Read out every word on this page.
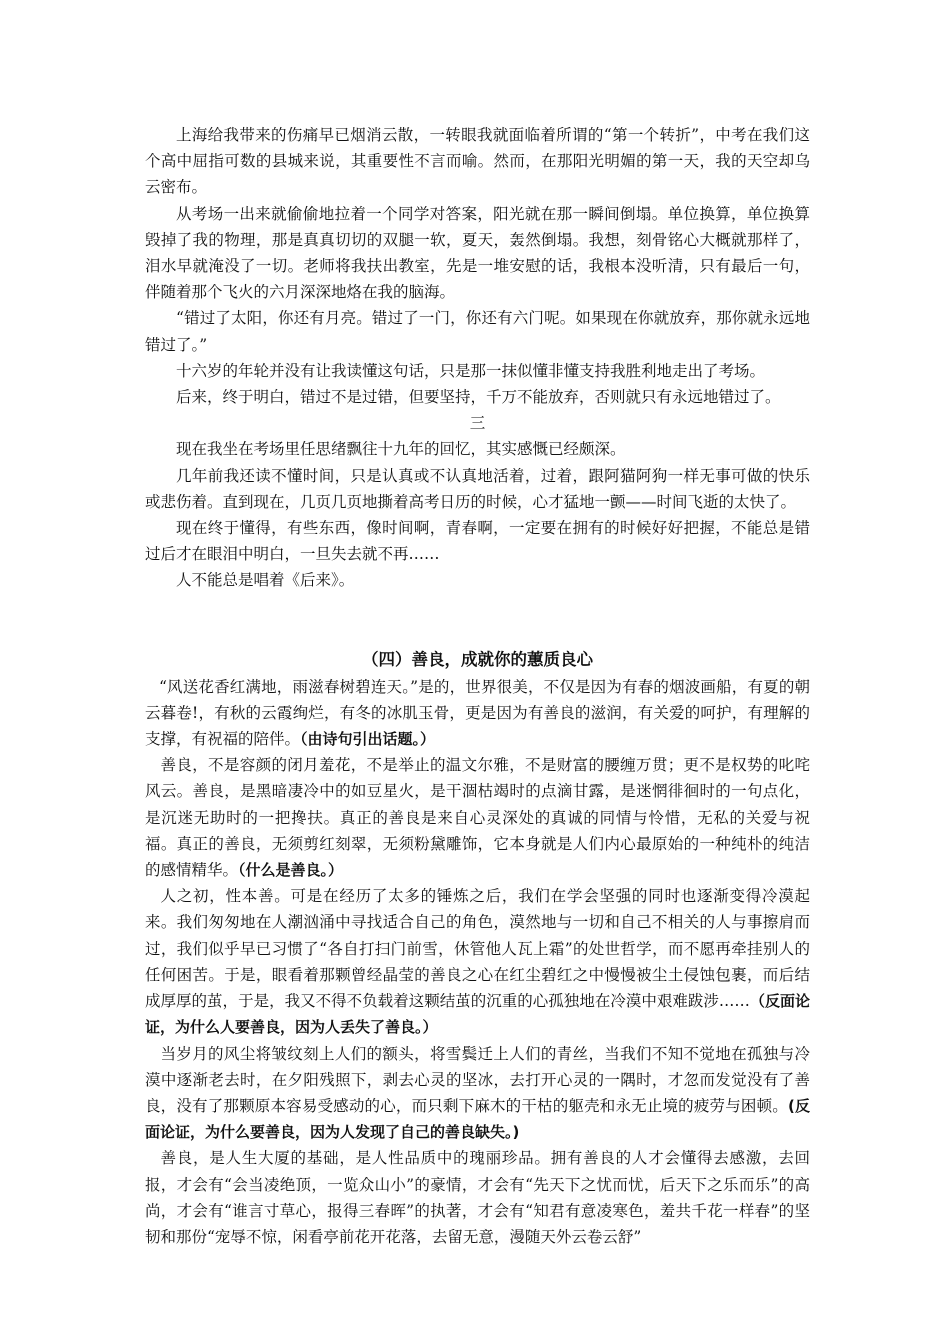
上海给我带来的伤痛早已烟消云散，一转眼我就面临着所谓的“第一个转折”，中考在我们这个高中屈指可数的县城来说，其重要性不言而喻。然而，在那阳光明媚的第一天，我的天空却乌云密布。

从考场一出来就偷偷地拉着一个同学对答案，阳光就在那一瞬间倒塌。单位换算，单位换算毁掉了我的物理，那是真真切切的双腿一软，夏天，轰然倒塌。我想，刻骨铭心大概就那样了，泪水早就淹没了一切。老师将我扶出教室，先是一堆安慰的话，我根本没听清，只有最后一句，伴随着那个飞火的六月深深地烙在我的脑海。

“错过了太阳，你还有月亮。错过了一门，你还有六门呢。如果现在你就放弃，那你就永远地错过了。”

十六岁的年轮并没有让我读懂这句话，只是那一抹似懂非懂支持我胜利地走出了考场。

后来，终于明白，错过不是过错，但要坚持，千万不能放弃，否则就只有永远地错过了。

三

现在我坐在考场里任思绪飘往十九年的回忆，其实感慨已经颇深。

几年前我还读不懂时间，只是认真或不认真地活着，过着，跟阿猫阿狗一样无事可做的快乐或悲伤着。直到现在，几页几页地撕着高考日历的时候，心才猛地一颤——时间飞逝的太快了。

现在终于懂得，有些东西，像时间啊，青春啊，一定要在拥有的时候好好把握，不能总是错过后才在眼泪中明白，一旦失去就不再……

人不能总是唱着《后来》。

（四）善良，成就你的蕙质良心

“风送花香红满地，雨滋春树碧连天。”是的，世界很美，不仅是因为有春的烟波画船，有夏的朝云暮卷!，有秋的云霞绚烂，有冬的冰肌玉骨，更是因为有善良的滋润，有关爱的呵护，有理解的支撑，有祝福的陪伴。（由诗句引出话题。）

善良，不是容颜的闭月羞花，不是举止的温文尔雅，不是财富的腰缠万贯；更不是权势的叱咤风云。善良，是黑暗凄冷中的如豆星火，是干涸枯竭时的点滴甘露，是迷惘徘徊时的一句点化，是沉迷无助时的一把搀扶。真正的善良是来自心灵深处的真诚的同情与怜惜，无私的关爱与祝福。真正的善良，无须剪红刻翠，无须粉黛雕饰，它本身就是人们内心最原始的一种纯朴的纯洁的感情精华。（什么是善良。）

人之初，性本善。可是在经历了太多的锤炼之后，我们在学会坚强的同时也逐渐变得冷漠起来。我们匆匆地在人潮汹涌中寻找适合自己的角色，漠然地与一切和自己不相关的人与事擦肩而过，我们似乎早已习惯了“各自打扫门前雪，休管他人瓦上霜”的处世哲学，而不愿再牵挂别人的任何困苦。于是，眼看着那颗曾经晶莹的善良之心在红尘碧红之中慢慢被尘土侵蚀包裹，而后结成厚厚的茧，于是，我又不得不负载着这颗结茧的沉重的心孤独地在冷漠中艰难跋涉……（反面论证，为什么人要善良，因为人丢失了善良。）

当岁月的风尘将皱纹刻上人们的额头，将雪鬓迁上人们的青丝，当我们不知不觉地在孤独与冷漠中逐渐老去时，在夕阳残照下，剥去心灵的坚冰，去打开心灵的一隅时，才忽而发觉没有了善良，没有了那颗原本容易受感动的心，而只剩下麻木的干枯的躯壳和永无止境的疲劳与困顿。(反面论证，为什么要善良，因为人发现了自己的善良缺失。)

善良，是人生大厦的基础，是人性品质中的瑰丽珍品。拥有善良的人才会懂得去感激，去回报，才会有“会当凌绝顶，一览众山小”的豪情，才会有“先天下之忧而忧，后天下之乐而乐”的高尚，才会有“谁言寸草心，报得三春晖”的执著，才会有“知君有意凌寒色，羞共千花一样春”的坚韧和那份“宠辱不惊，闲看亭前花开花落，去留无意，漫随天外云卷云舒”
